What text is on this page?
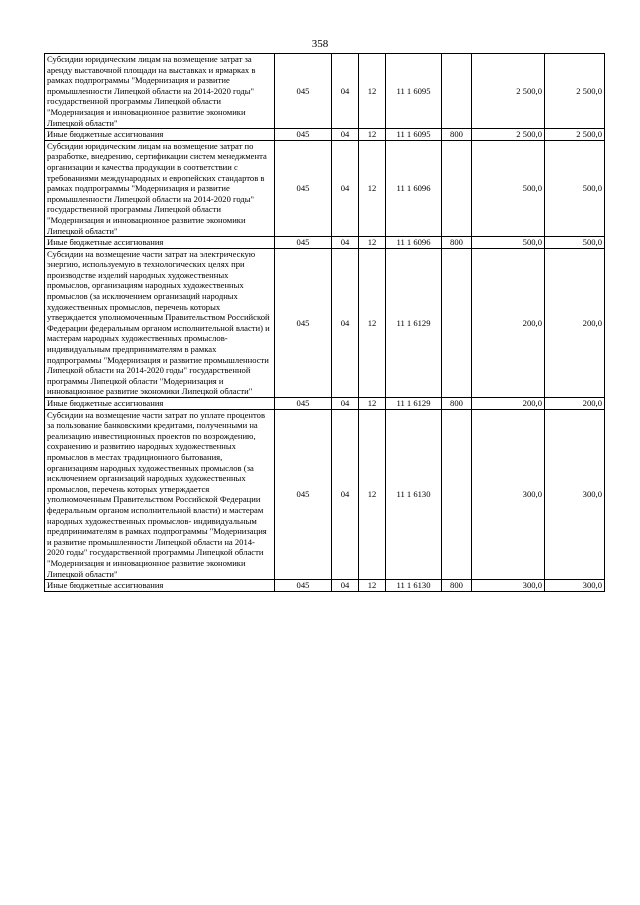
358
Субсидии юридическим лицам на возмещение затрат за аренду выставочной площади на выставках и ярмарках в рамках подпрограммы "Модернизация и развитие промышленности Липецкой области на 2014-2020 годы" государственной программы Липецкой области "Модернизация и инновационное развитие экономики Липецкой области"	045	04	12	11 1 6095		2 500,0	2 500,0
Иные бюджетные ассигнования	045	04	12	11 1 6095	800	2 500,0	2 500,0
Субсидии юридическим лицам на возмещение затрат по разработке, внедрению, сертификации систем менеджмента организации и качества продукции в соответствии с требованиями международных и европейских стандартов в рамках подпрограммы "Модернизация и развитие промышленности Липецкой области на 2014-2020 годы" государственной программы Липецкой области "Модернизация и инновационное развитие экономики Липецкой области"	045	04	12	11 1 6096		500,0	500,0
Иные бюджетные ассигнования	045	04	12	11 1 6096	800	500,0	500,0
Субсидии на возмещение части затрат на электрическую энергию, используемую в технологических целях при производстве изделий народных художественных промыслов, организациям народных художественных промыслов (за исключением организаций народных художественных промыслов, перечень которых утверждается уполномоченным Правительством Российской Федерации федеральным органом исполнительной власти) и мастерам народных художественных промыслов- индивидуальным предпринимателям в рамках подпрограммы "Модернизация и развитие промышленности Липецкой области на 2014-2020 годы" государственной программы Липецкой области "Модернизация и инновационное развитие экономики Липецкой области"	045	04	12	11 1 6129		200,0	200,0
Иные бюджетные ассигнования	045	04	12	11 1 6129	800	200,0	200,0
Субсидии на возмещение части затрат по уплате процентов за пользование банковскими кредитами, полученными на реализацию инвестиционных проектов по возрождению, сохранению и развитию народных художественных промыслов в местах традиционного бытования, организациям народных художественных промыслов (за исключением организаций народных художественных промыслов, перечень которых утверждается уполномоченным Правительством Российской Федерации федеральным органом исполнительной власти) и мастерам народных художественных промыслов- индивидуальным предпринимателям в рамках подпрограммы "Модернизация и развитие промышленности Липецкой области на 2014-2020 годы" государственной программы Липецкой области "Модернизация и инновационное развитие экономики Липецкой области"	045	04	12	11 1 6130		300,0	300,0
Иные бюджетные ассигнования	045	04	12	11 1 6130	800	300,0	300,0
